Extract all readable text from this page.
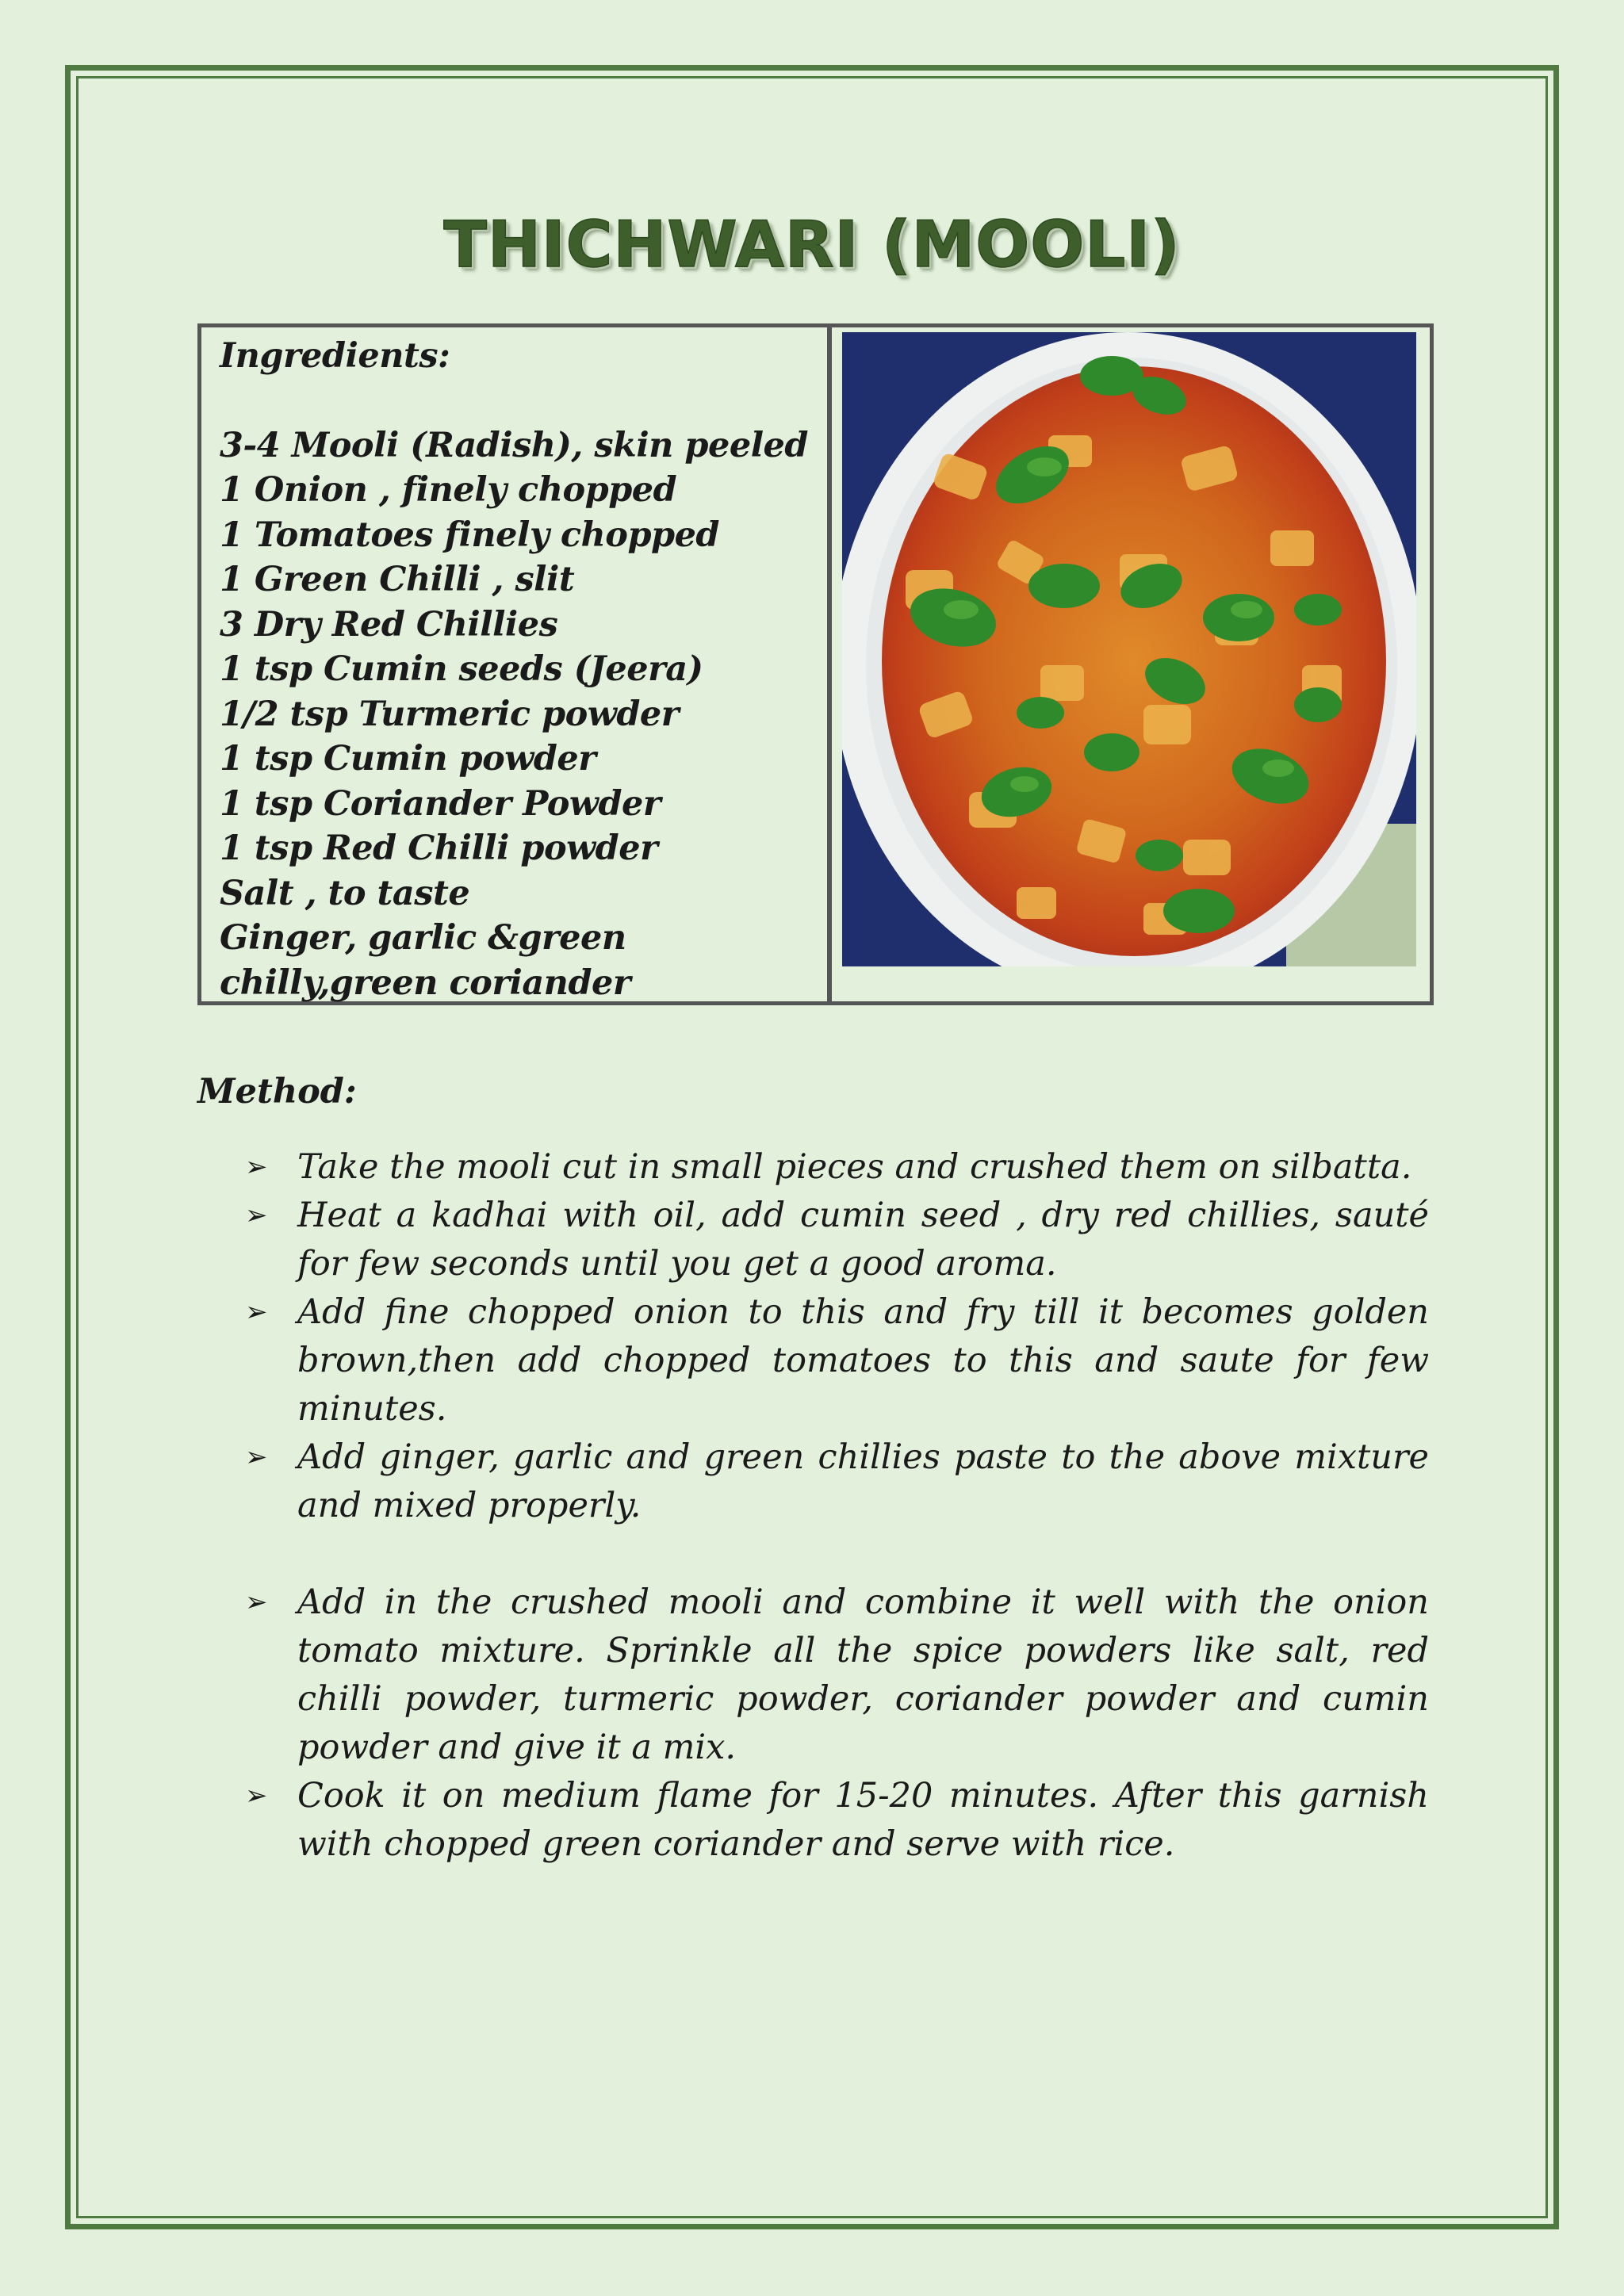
THICHWARI (MOOLI)
Ingredients:
3-4 Mooli (Radish), skin peeled
1 Onion , finely chopped
1 Tomatoes finely chopped
1 Green Chilli , slit
3 Dry Red Chillies
1 tsp Cumin seeds (Jeera)
1/2 tsp Turmeric powder
1 tsp Cumin powder
1 tsp Coriander Powder
1 tsp Red Chilli powder
Salt , to taste
Ginger, garlic &green chilly,green coriander
Method:
➢ Take the mooli cut in small pieces and crushed them on silbatta.
➢ Heat a kadhai with oil, add cumin seed , dry red chillies, sauté for few seconds until you get a good aroma.
➢ Add fine chopped onion to this and fry till it becomes golden brown,then add chopped tomatoes to this and saute for few minutes.
➢ Add ginger, garlic and green chillies paste to the above mixture and mixed properly.
➢ Add in the crushed mooli and combine it well with the onion tomato mixture. Sprinkle all the spice powders like salt, red chilli powder, turmeric powder, coriander powder and cumin powder and give it a mix.
➢ Cook it on medium flame for 15-20 minutes. After this garnish with chopped green coriander and serve with rice.
